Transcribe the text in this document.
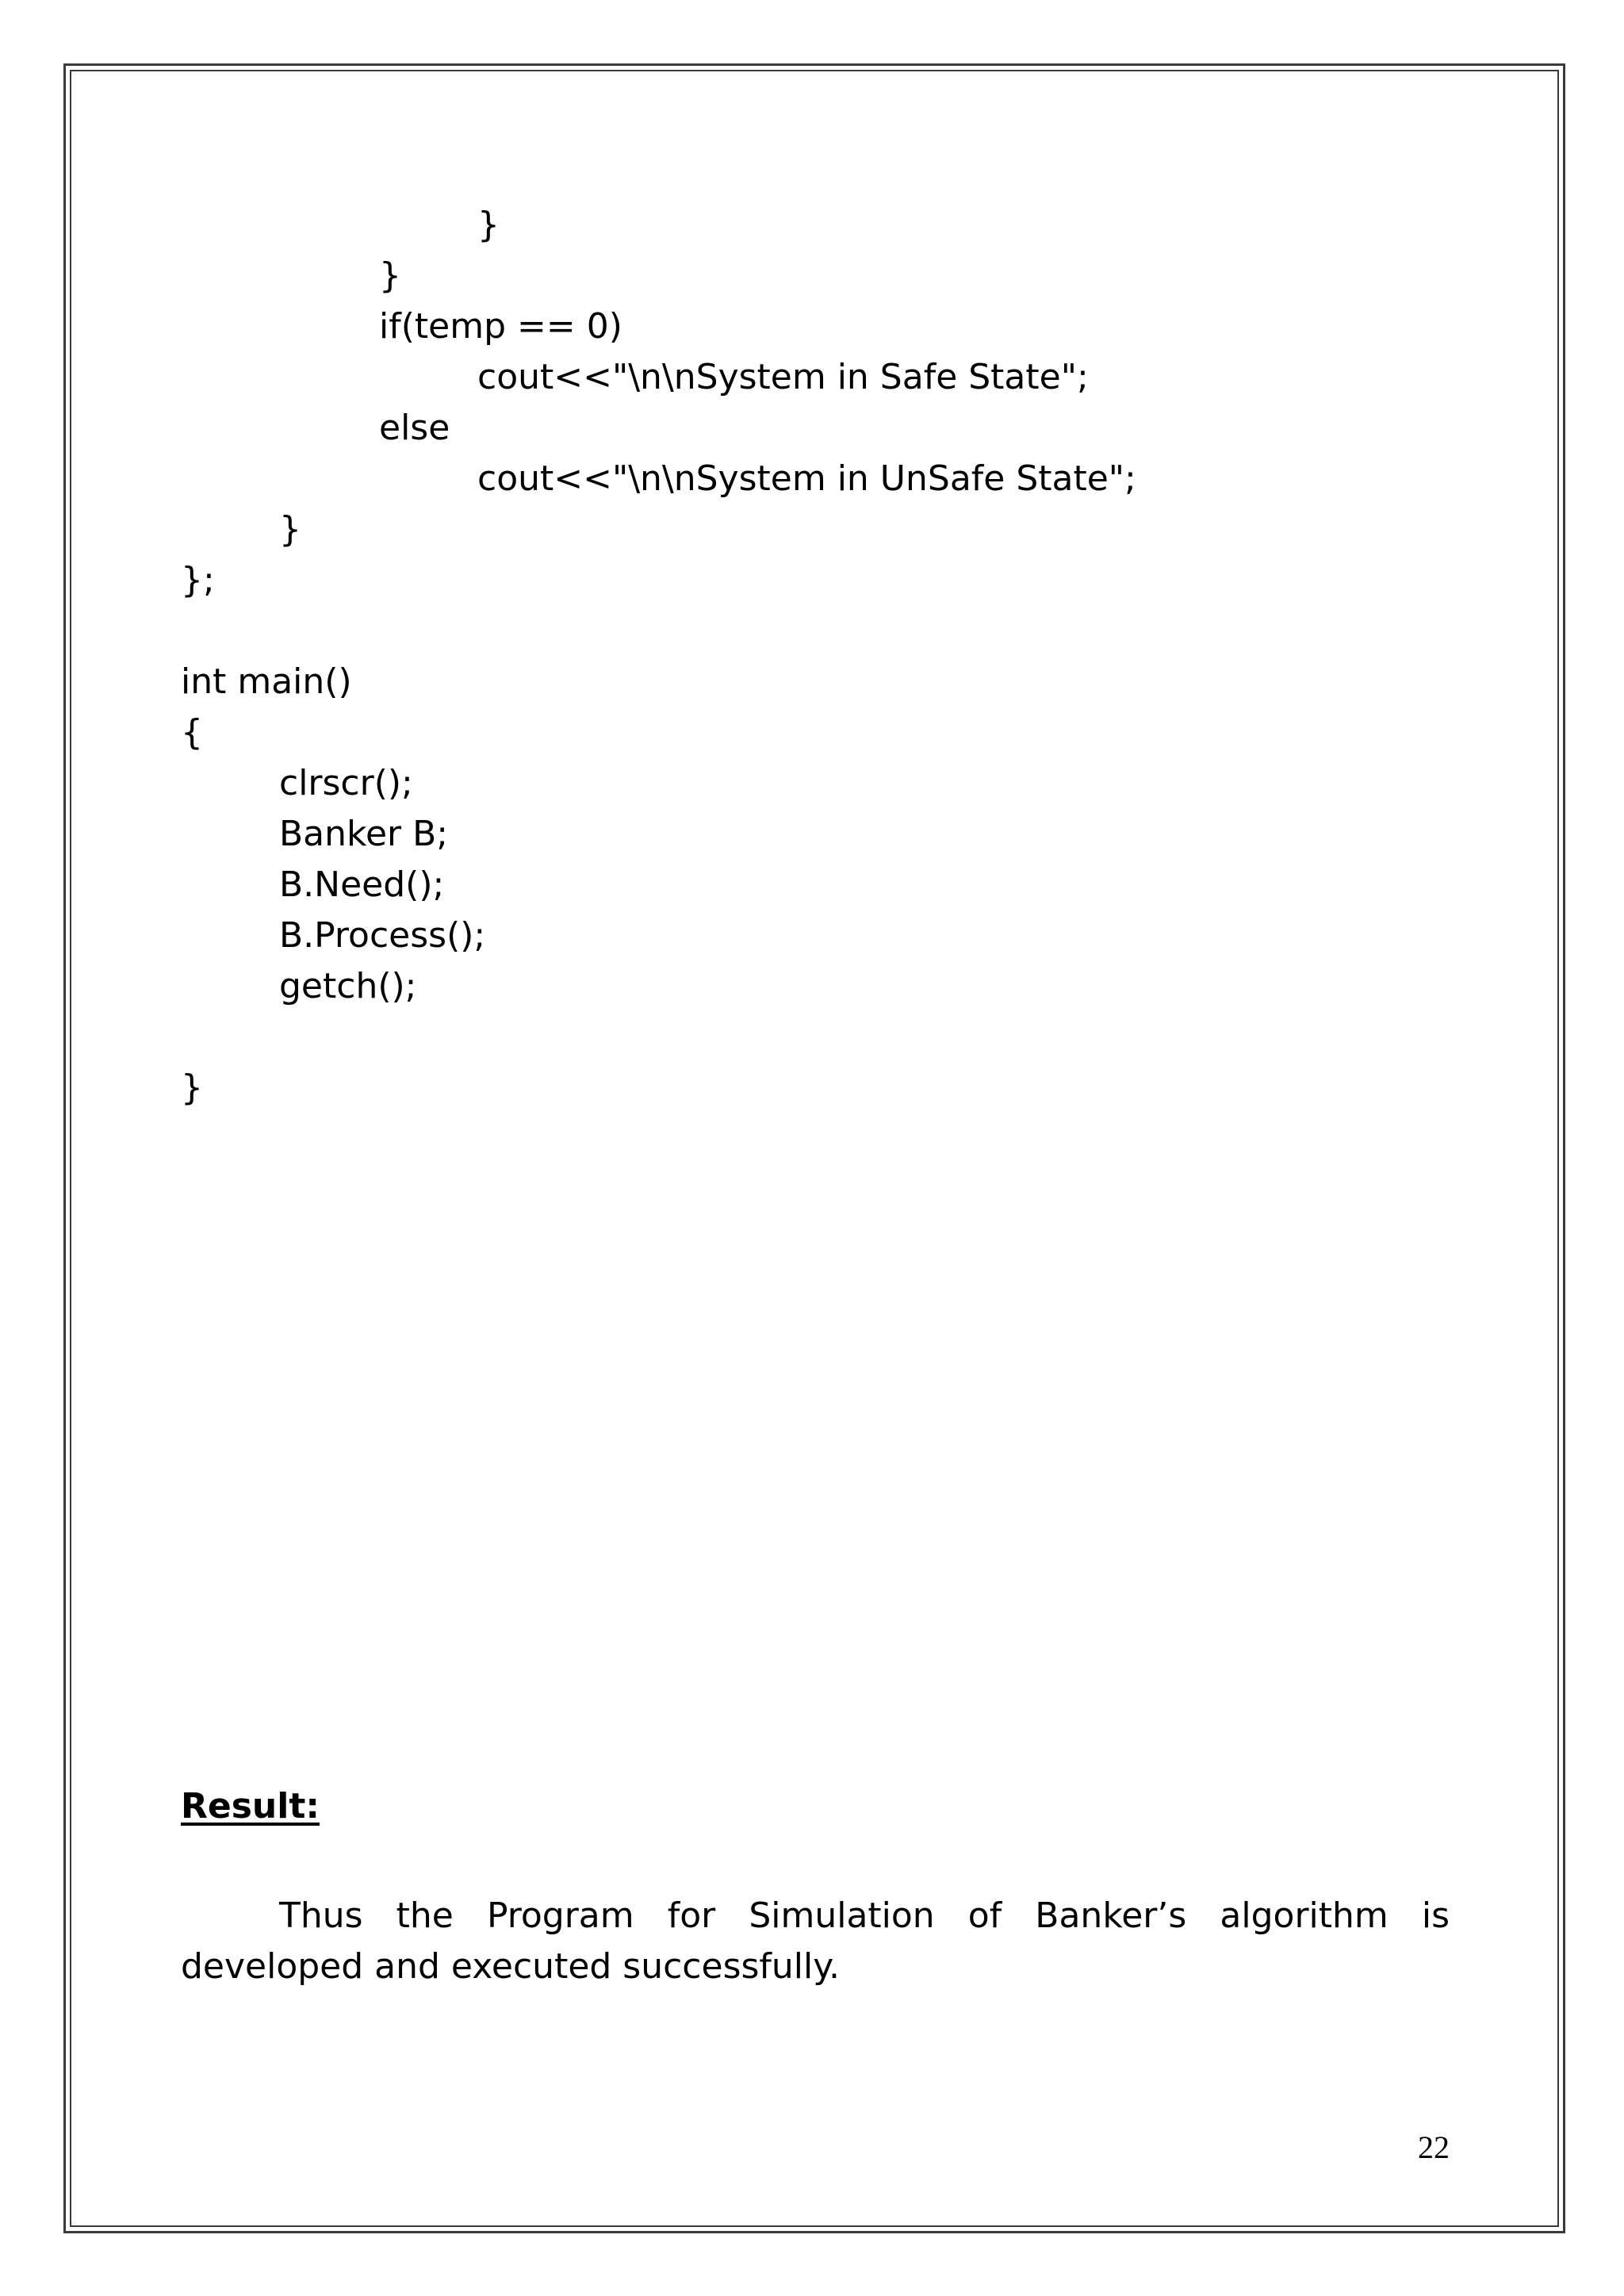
}
}
if(temp == 0)
cout<<"\n\nSystem in Safe State";
else
cout<<"\n\nSystem in UnSafe State";
}
};
int main()
{
clrscr();
Banker B;
B.Need();
B.Process();
getch();
}
Result:
Thus the Program for Simulation of Banker’s algorithm is developed and executed successfully.
22
